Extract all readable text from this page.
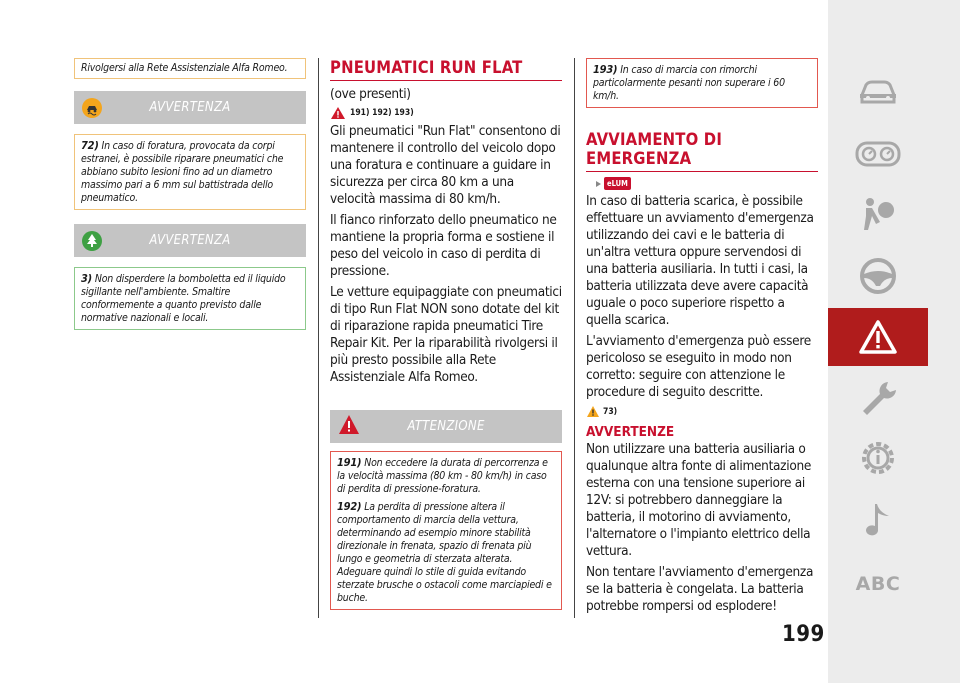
Rivolgersi alla Rete Assistenziale Alfa Romeo.
AVVERTENZA
72) In caso di foratura, provocata da corpi estranei, è possibile riparare pneumatici che abbiano subito lesioni fino ad un diametro massimo pari a 6 mm sul battistrada dello pneumatico.
AVVERTENZA
3) Non disperdere la bomboletta ed il liquido sigillante nell'ambiente. Smaltire conformemente a quanto previsto dalle normative nazionali e locali.
PNEUMATICI RUN FLAT
(ove presenti)
191) 192) 193)
Gli pneumatici "Run Flat" consentono di mantenere il controllo del veicolo dopo una foratura e continuare a guidare in sicurezza per circa 80 km a una velocità massima di 80 km/h.
Il fianco rinforzato dello pneumatico ne mantiene la propria forma e sostiene il peso del veicolo in caso di perdita di pressione.
Le vetture equipaggiate con pneumatici di tipo Run Flat NON sono dotate del kit di riparazione rapida pneumatici Tire Repair Kit. Per la riparabilità rivolgersi il più presto possibile alla Rete Assistenziale Alfa Romeo.
ATTENZIONE
191) Non eccedere la durata di percorrenza e la velocità massima (80 km - 80 km/h) in caso di perdita di pressione-foratura.
192) La perdita di pressione altera il comportamento di marcia della vettura, determinando ad esempio minore stabilità direzionale in frenata, spazio di frenata più lungo e geometria di sterzata alterata. Adeguare quindi lo stile di guida evitando sterzate brusche o ostacoli come marciapiedi e buche.
193) In caso di marcia con rimorchi particolarmente pesanti non superare i 60 km/h.
AVVIAMENTO DI EMERGENZA
eLUM
In caso di batteria scarica, è possibile effettuare un avviamento d'emergenza utilizzando dei cavi e le batteria di un'altra vettura oppure servendosi di una batteria ausiliaria. In tutti i casi, la batteria utilizzata deve avere capacità uguale o poco superiore rispetto a quella scarica.
L'avviamento d'emergenza può essere pericoloso se eseguito in modo non corretto: seguire con attenzione le procedure di seguito descritte.
73)
AVVERTENZE
Non utilizzare una batteria ausiliaria o qualunque altra fonte di alimentazione esterna con una tensione superiore ai 12V: si potrebbero danneggiare la batteria, il motorino di avviamento, l'alternatore o l'impianto elettrico della vettura.
Non tentare l'avviamento d'emergenza se la batteria è congelata. La batteria potrebbe rompersi od esplodere!
199
ABC
